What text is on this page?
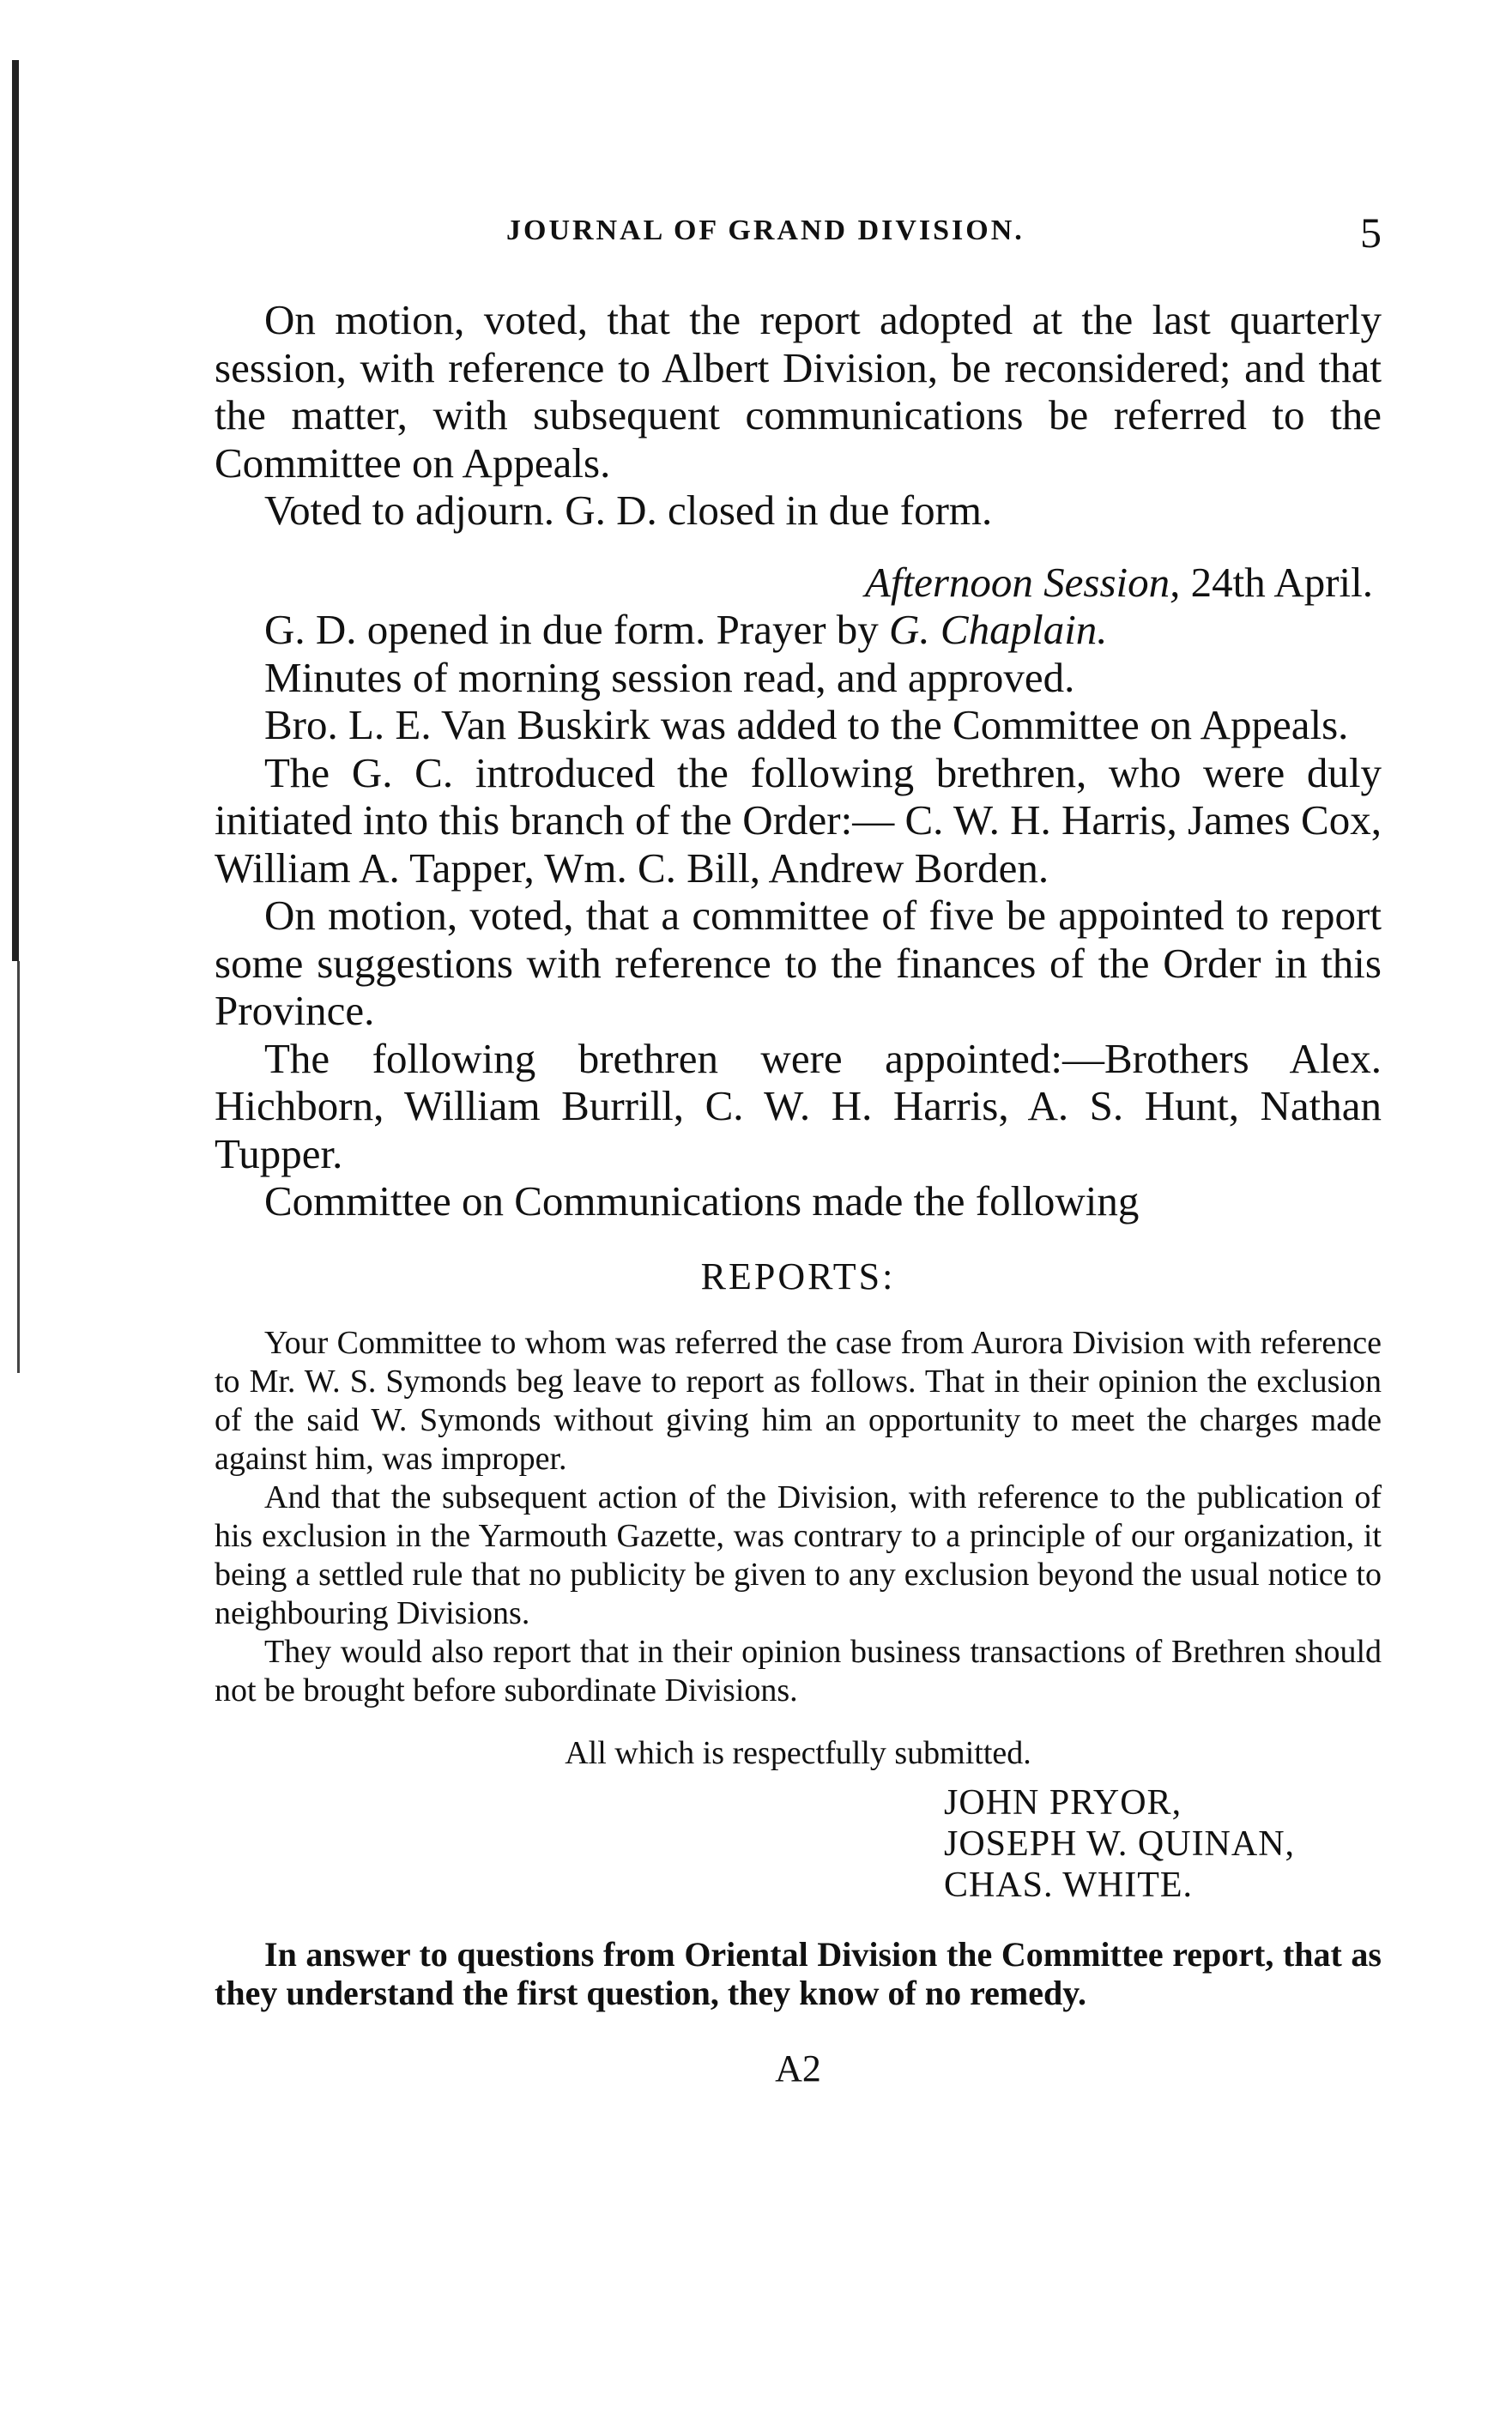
JOURNAL OF GRAND DIVISION.	5

On motion, voted, that the report adopted at the last quarterly session, with reference to Albert Division, be reconsidered; and that the matter, with subsequent communications be referred to the Committee on Appeals.

Voted to adjourn. G. D. closed in due form.

Afternoon Session, 24th April.

G. D. opened in due form. Prayer by G. Chaplain.

Minutes of morning session read, and approved.

Bro. L. E. Van Buskirk was added to the Committee on Appeals.

The G. C. introduced the following brethren, who were duly initiated into this branch of the Order:— C. W. H. Harris, James Cox, William A. Tapper, Wm. C. Bill, Andrew Borden.

On motion, voted, that a committee of five be appointed to report some suggestions with reference to the finances of the Order in this Province.

The following brethren were appointed:—Brothers Alex. Hichborn, William Burrill, C. W. H. Harris, A. S. Hunt, Nathan Tupper.

Committee on Communications made the following

REPORTS:

Your Committee to whom was referred the case from Aurora Division with reference to Mr. W. S. Symonds beg leave to report as follows. That in their opinion the exclusion of the said W. Symonds without giving him an opportunity to meet the charges made against him, was improper.

And that the subsequent action of the Division, with reference to the publication of his exclusion in the Yarmouth Gazette, was contrary to a principle of our organization, it being a settled rule that no publicity be given to any exclusion beyond the usual notice to neighbouring Divisions.

They would also report that in their opinion business transactions of Brethren should not be brought before subordinate Divisions.

All which is respectfully submitted.
JOHN PRYOR,
JOSEPH W. QUINAN,
CHAS. WHITE.

In answer to questions from Oriental Division the Committee report, that as they understand the first question, they know of no remedy.

A2
